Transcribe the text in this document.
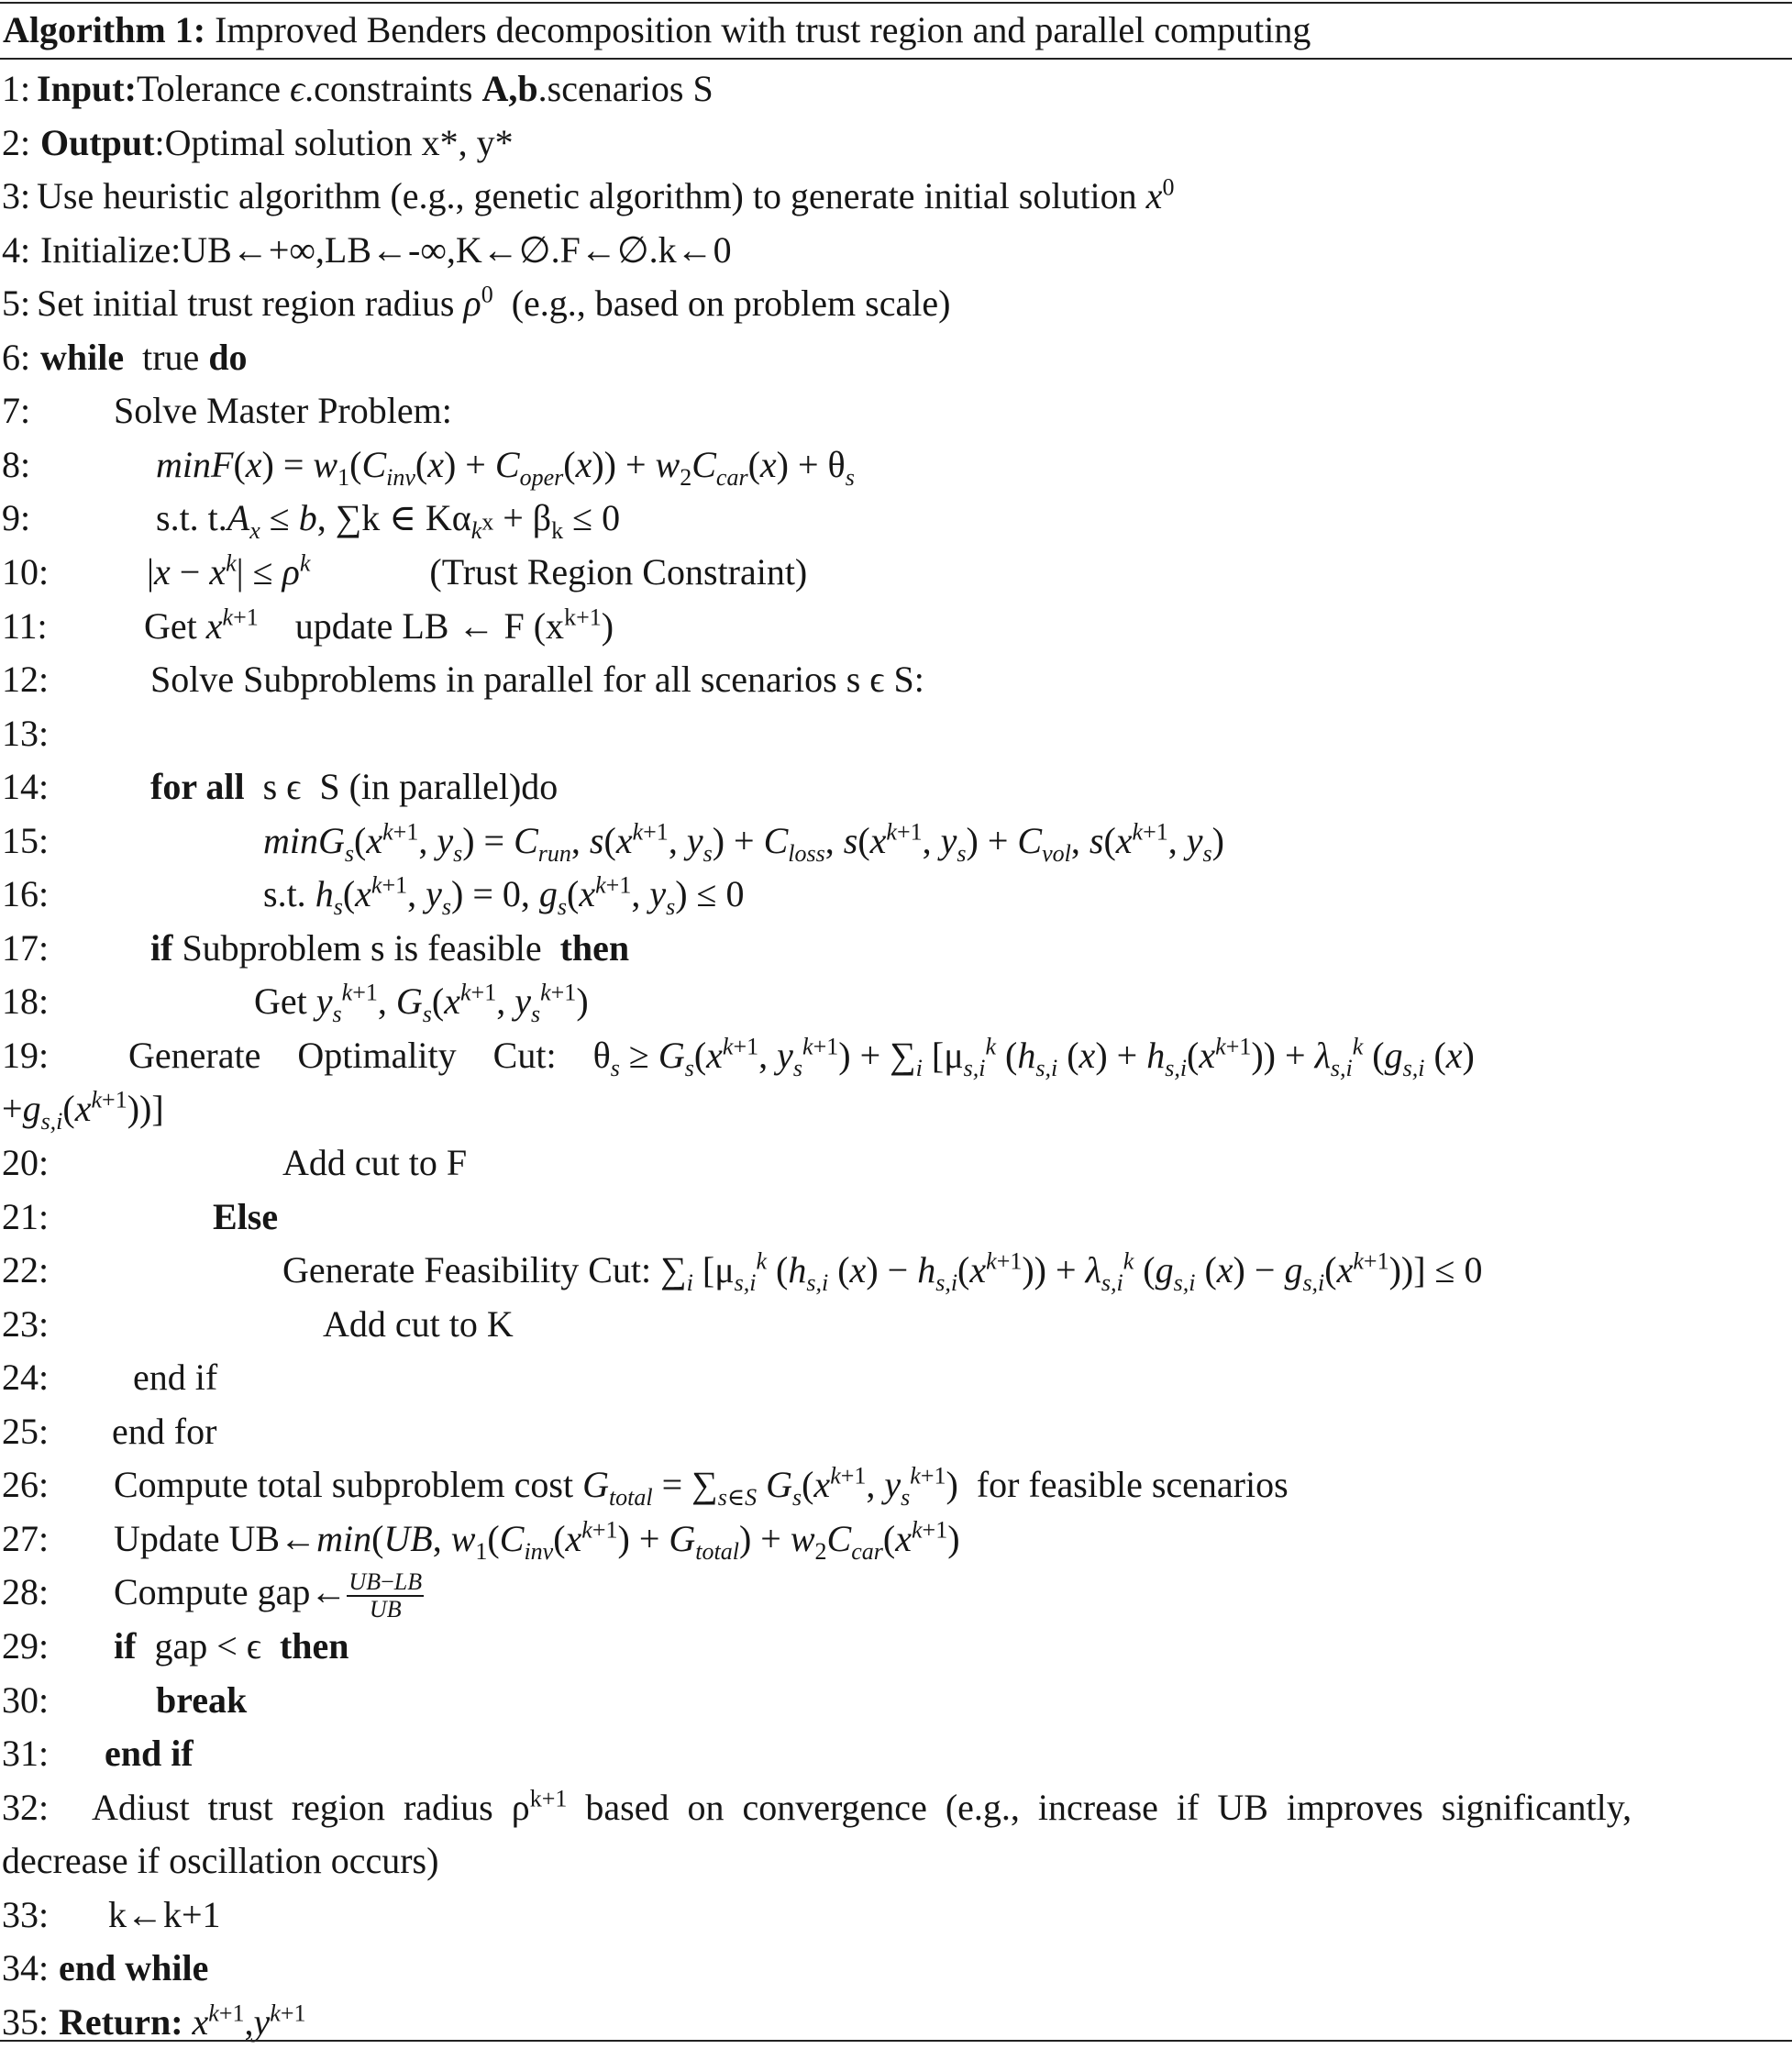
Algorithm 1: Improved Benders decomposition with trust region and parallel computing
1: Input:Tolerance ϵ.constraints A,b.scenarios S
2: Output:Optimal solution x*, y*
3: Use heuristic algorithm (e.g., genetic algorithm) to generate initial solution $x^0$
4: Initialize:UB←+∞,LB←-∞,K←∅.F←∅.k←0
5: Set initial trust region radius $\rho^0$  (e.g., based on problem scale)
6: while  true do
7: Solve Master Problem:
8:	$\min F(x) = w_1(C_{inv}(x) + C_{oper}(x)) + w_2C_{car}(x) + \theta_s$
9:	s.t. $t.A_x \le b$, ∑k ∈ $K\alpha_{k^x} + \beta_k \le 0$
10:	$|x - x^k| \le \rho^k$	(Trust Region Constraint)
11:	Get $x^{k+1}$ update LB ← F $(x^{k+1})$
12:	Solve Subproblems in parallel for all scenarios s ϵ S:
13:
14:	for all  s ϵ  S (in parallel)do
15:	$\min G_s(x^{k+1}$, $y_s) = C_{run}$, $s(x^{k+1}$, $y_s) + C_{loss}$, $s(x^{k+1}$, $y_s) + C_{vol}$, $s(x^{k+1}$, $y_s$)
16:	s.t. $h_s(x^{k+1}$, $y_s) = 0$, $g_s(x^{k+1}$, $y_s) \le 0$
17:	if Subproblem s is feasible  then
18:	Get $y_s^{k+1}$, $G_s(x^{k+1}$, $y_s^{k+1}$)
19: Generate    Optimality    Cut:    $\theta_s \ge G_s(x^{k+1}$, $y_s^{k+1}) + \sum_i$ [$\mu_{s,i}^k$ ($h_{s,i}$ $(x) + h_{s,i}(x^{k+1})) + \lambda_{s,i}^k$ ($g_{s,i}$ (x)
$+g_{s,i}(x^{k+1})$)]
20:	Add cut to F
21:	Else
22:	Generate Feasibility Cut: $\sum_i$ [$\mu_{s,i}^k$ ($h_{s,i}$ $(x) - h_{s,i}(x^{k+1})) + \lambda_{s,i}^k$ ($g_{s,i}$ $(x) - g_{s,i}(x^{k+1}))] \le 0$
23:	Add cut to K
24: end if
25: end for
26: Compute total subproblem cost $G_{total} = \sum_{s\in S}$ $G_s(x^{k+1}$, $y_s^{k+1}$)  for feasible scenarios
27: Update UB←min(UB, $w_1(C_{inv}(x^{k+1}) + G_{total}) + w_2C_{car}(x^{k+1})$
28: Compute gap← $\frac{UB-LB}{UB}$
29: if  gap < ϵ  then
30:	break
31: end if
32: Adiust  trust  region  radius  $\rho^{k+1}$  based  on  convergence  (e.g.,  increase  if  UB  improves  significantly,
decrease if oscillation occurs)
33: k←k+1
34: end while
35: Return: $x^{k+1},y^{k+1}$
